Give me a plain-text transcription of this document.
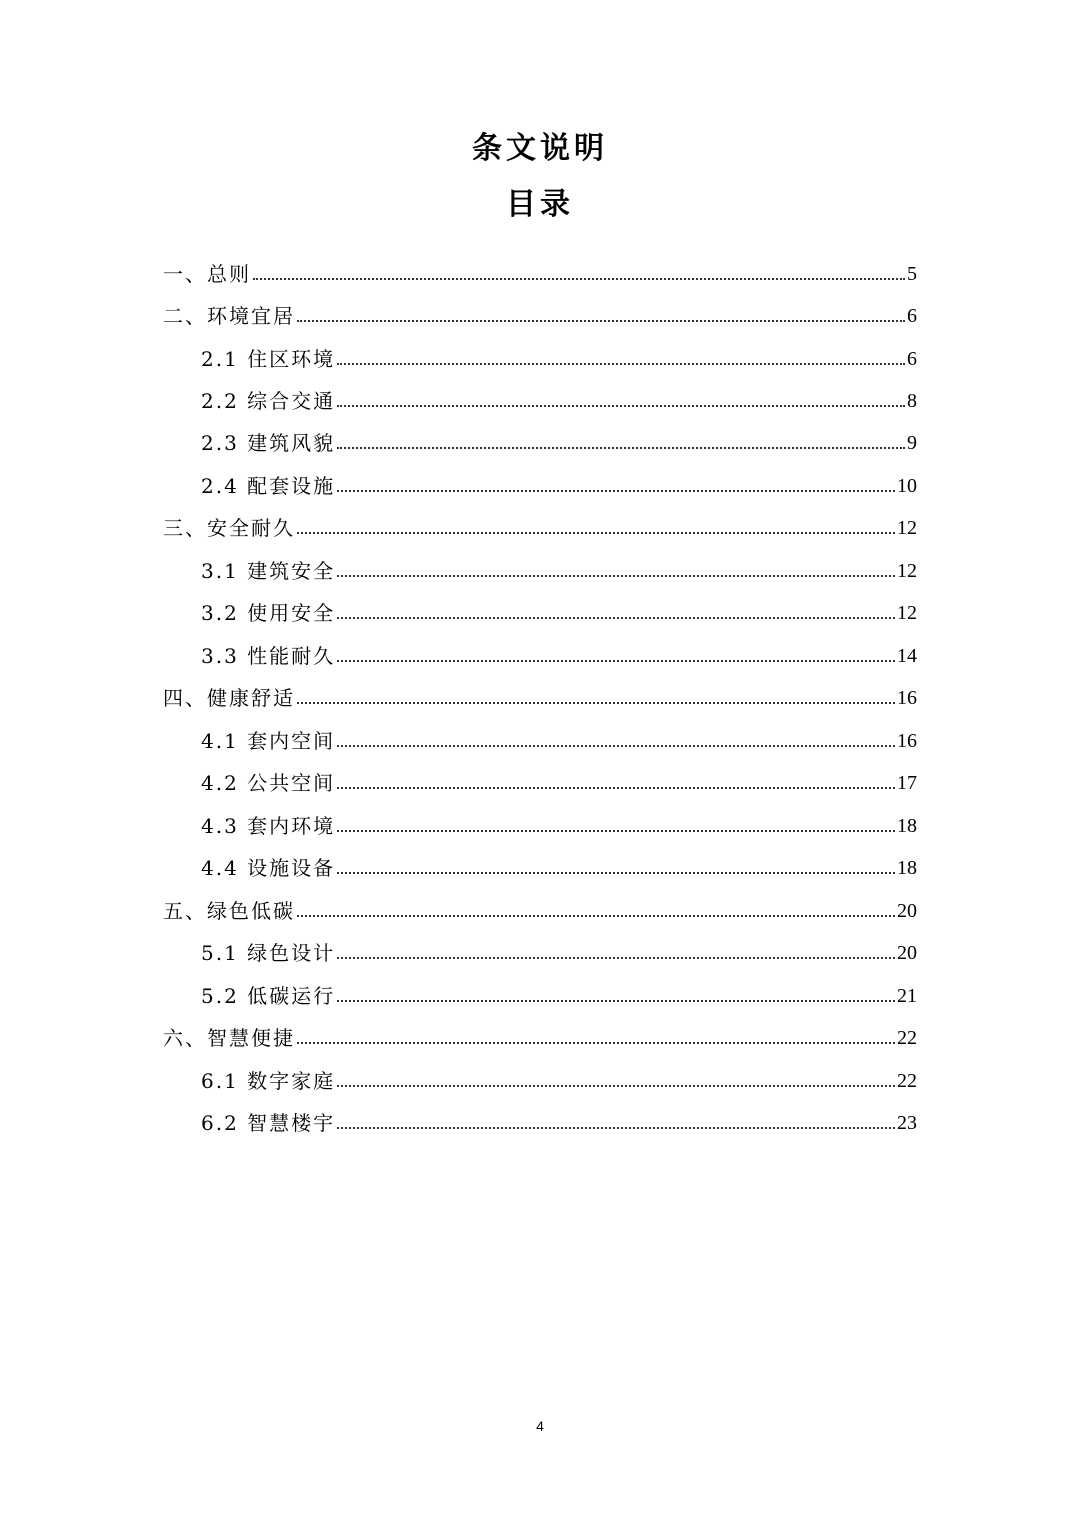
条文说明
目录
一、总则	5
二、环境宜居	6
2.1 住区环境	6
2.2 综合交通	8
2.3 建筑风貌	9
2.4 配套设施	10
三、安全耐久	12
3.1 建筑安全	12
3.2 使用安全	12
3.3 性能耐久	14
四、健康舒适	16
4.1 套内空间	16
4.2 公共空间	17
4.3 套内环境	18
4.4 设施设备	18
五、绿色低碳	20
5.1 绿色设计	20
5.2 低碳运行	21
六、智慧便捷	22
6.1 数字家庭	22
6.2 智慧楼宇	23
4
